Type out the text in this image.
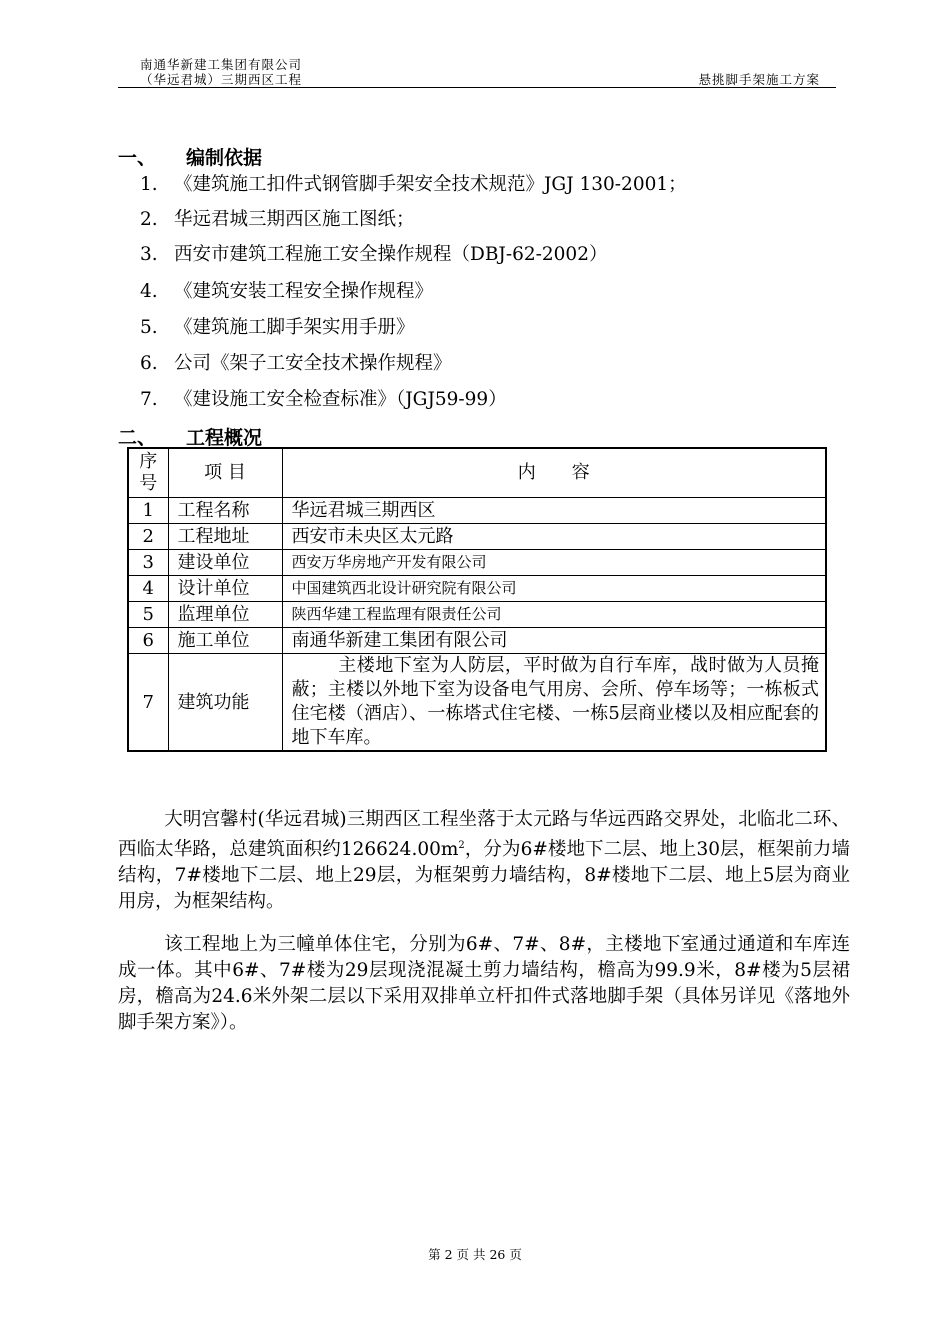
南通华新建工集团有限公司
（华远君城）三期西区工程	悬挑脚手架施工方案
一、 编制依据
1. 《建筑施工扣件式钢管脚手架安全技术规范》JGJ 130-2001；
2. 华远君城三期西区施工图纸；
3. 西安市建筑工程施工安全操作规程（DBJ-62-2002）
4. 《建筑安装工程安全操作规程》
5. 《建筑施工脚手架实用手册》
6. 公司《架子工安全技术操作规程》
7. 《建设施工安全检查标准》（JGJ59-99）
二、 工程概况
序号	项 目	内　　容
1	工程名称	华远君城三期西区
2	工程地址	西安市未央区太元路
3	建设单位	西安万华房地产开发有限公司
4	设计单位	中国建筑西北设计研究院有限公司
5	监理单位	陕西华建工程监理有限责任公司
6	施工单位	南通华新建工集团有限公司
7	建筑功能	主楼地下室为人防层，平时做为自行车库，战时做为人员掩蔽；主楼以外地下室为设备电气用房、会所、停车场等；一栋板式住宅楼（酒店）、一栋塔式住宅楼、一栋5层商业楼以及相应配套的地下车库。

大明宫馨村(华远君城)三期西区工程坐落于太元路与华远西路交界处，北临北二环、西临太华路，总建筑面积约$126624.00m^2$，分为6#楼地下二层、地上30层，框架前力墙结构，7#楼地下二层、地上29层，为框架剪力墙结构，8#楼地下二层、地上5层为商业用房，为框架结构。

该工程地上为三幢单体住宅，分别为6#、7#、8#，主楼地下室通过通道和车库连成一体。其中6#、7#楼为29层现浇混凝土剪力墙结构，檐高为99.9米，8#楼为5层裙房，檐高为24.6米外架二层以下采用双排单立杆扣件式落地脚手架（具体另详见《落地外脚手架方案》）。

第 2 页 共 26 页
